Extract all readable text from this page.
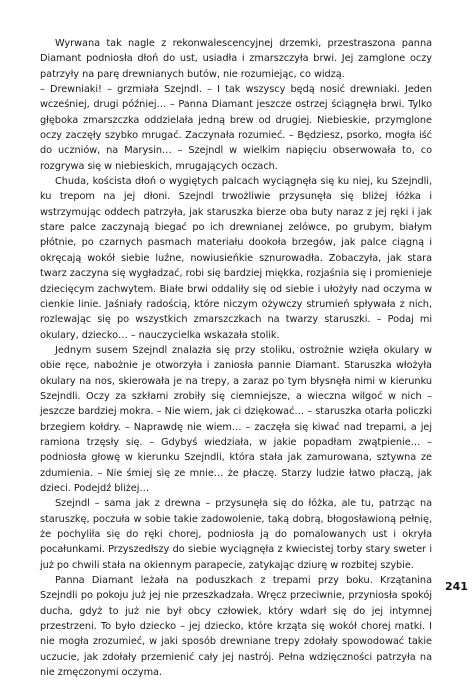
Wyrwana tak nagle z rekonwalescencyjnej drzemki, przestraszona panna Diamant podniosła dłoń do ust, usiadła i zmarszczyła brwi. Jej zamglone oczy patrzyły na parę drewnianych butów, nie rozumiejąc, co widzą.

– Drewniaki! – grzmiała Szejndl. – I tak wszyscy będą nosić drewniaki. Jeden wcześniej, drugi później… – Panna Diamant jeszcze ostrzej ściągnęła brwi. Tylko głęboka zmarszczka oddzielała jedną brew od drugiej. Niebieskie, przymglone oczy zaczęły szybko mrugać. Zaczynała rozumieć. – Będziesz, psorko, mogła iść do uczniów, na Marysin… – Szejndl w wielkim napięciu obserwowała to, co rozgrywa się w niebieskich, mrugających oczach.

Chuda, koścista dłoń o wygiętych palcach wyciągnęła się ku niej, ku Szejndli, ku trepom na jej dłoni. Szejndl trwożliwie przysunęła się bliżej łóżka i wstrzymując oddech patrzyła, jak staruszka bierze oba buty naraz z jej ręki i jak stare palce zaczynają biegać po ich drewnianej zelówce, po grubym, białym płótnie, po czarnych pasmach materiału dookoła brzegów, jak palce ciągną i okręcają wokół siebie luźne, nowiusieńkie sznurowadła. Zobaczyła, jak stara twarz zaczyna się wygładzać, robi się bardziej miękka, rozjaśnia się i promienieje dziecięcym zachwytem. Białe brwi oddaliły się od siebie i ułożyły nad oczyma w cienkie linie. Jaśniały radością, które niczym ożywczy strumień spływała z nich, rozlewając się po wszystkich zmarszczkach na twarzy staruszki. – Podaj mi okulary, dziecko… – nauczycielka wskazała stolik.

Jednym susem Szejndl znalazła się przy stoliku, ostrożnie wzięła okulary w obie ręce, nabożnie je otworzyła i zaniosła pannie Diamant. Staruszka włożyła okulary na nos, skierowała je na trepy, a zaraz po tym błysnęła nimi w kierunku Szejndli. Oczy za szkłami zrobiły się ciemniejsze, a wieczna wilgoć w nich – jeszcze bardziej mokra. – Nie wiem, jak ci dziękować… – staruszka otarła policzki brzegiem kołdry. – Naprawdę nie wiem… – zaczęła się kiwać nad trepami, a jej ramiona trzęsły się. – Gdybyś wiedziała, w jakie popadłam zwątpienie… – podniosła głowę w kierunku Szejndli, która stała jak zamurowana, sztywna ze zdumienia. – Nie śmiej się ze mnie… że płaczę. Starzy ludzie łatwo płaczą, jak dzieci. Podejdź bliżej…

Szejndl – sama jak z drewna – przysunęła się do łóżka, ale tu, patrząc na staruszkę, poczuła w sobie takie zadowolenie, taką dobrą, błogosławioną pełnię, że pochyliła się do ręki chorej, podniosła ją do pomalowanych ust i okryła pocałunkami. Przyszedłszy do siebie wyciągnęła z kwiecistej torby stary sweter i już po chwili stała na okiennym parapecie, zatykając dziurę w rozbitej szybie.

Panna Diamant leżała na poduszkach z trepami przy boku. Krzątanina Szejndli po pokoju już jej nie przeszkadzała. Wręcz przeciwnie, przyniosła spokój ducha, gdyż to już nie był obcy człowiek, który wdarł się do jej intymnej przestrzeni. To było dziecko – jej dziecko, które krząta się wokół chorej matki. I nie mogła zrozumieć, w jaki sposób drewniane trepy zdołały spowodować takie uczucie, jak zdołały przemienić cały jej nastrój. Pełna wdzięczności patrzyła na nie zmęczonymi oczyma.

241
